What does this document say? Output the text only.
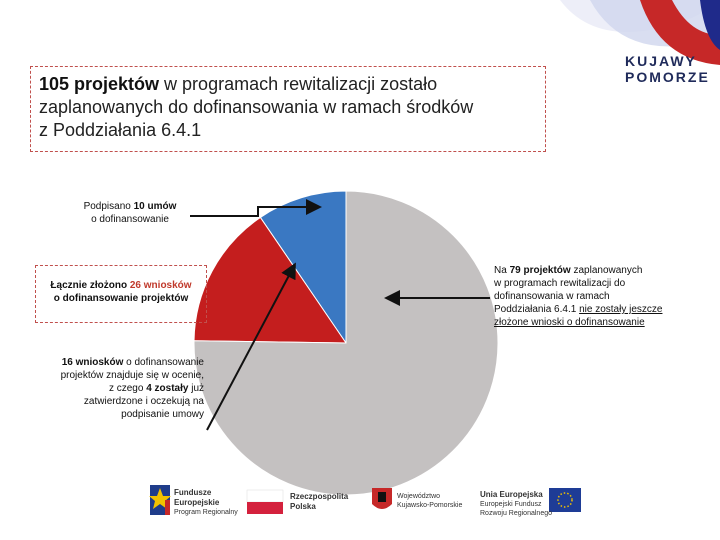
KUJAWY
POMORZE
105 projektów w programach rewitalizacji zostało
zaplanowanych do dofinansowania w ramach środków
z Poddziałania 6.4.1
Podpisano 10 umów
o dofinansowanie
Łącznie złożono 26 wniosków
o dofinansowanie projektów
16 wniosków o dofinansowanie
projektów znajduje się w ocenie,
z czego 4 zostały już
zatwierdzone i oczekują na
podpisanie umowy
Na 79 projektów zaplanowanych
w programach rewitalizacji do
dofinansowania w ramach
Poddziałania 6.4.1 nie zostały jeszcze
złożone wnioski o dofinansowanie
Fundusze
Europejskie
Program Regionalny
Rzeczpospolita
Polska
Województwo
Kujawsko-Pomorskie
Unia Europejska
Europejski Fundusz
Rozwoju Regionalnego
